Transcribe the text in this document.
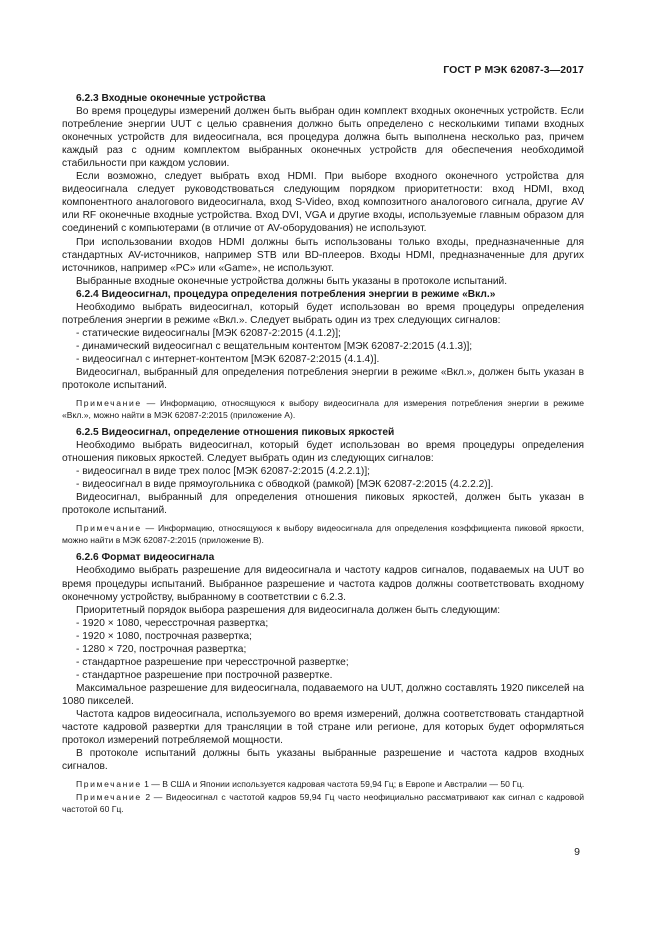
ГОСТ Р МЭК 62087-3—2017

6.2.3 Входные оконечные устройства

Во время процедуры измерений должен быть выбран один комплект входных оконечных устройств. Если потребление энергии UUT с целью сравнения должно быть определено с несколькими типами входных оконечных устройств для видеосигнала, вся процедура должна быть выполнена несколько раз, причем каждый раз с одним комплектом выбранных оконечных устройств для обеспечения необходимой стабильности при каждом условии.

Если возможно, следует выбрать вход HDMI. При выборе входного оконечного устройства для видеосигнала следует руководствоваться следующим порядком приоритетности: вход HDMI, вход компонентного аналогового видеосигнала, вход S-Video, вход композитного аналогового сигнала, другие AV или RF оконечные входные устройства. Вход DVI, VGA и другие входы, используемые главным образом для соединений с компьютерами (в отличие от AV-оборудования) не используют.

При использовании входов HDMI должны быть использованы только входы, предназначенные для стандартных AV-источников, например STB или BD-плееров. Входы HDMI, предназначенные для других источников, например «PC» или «Game», не используют.

Выбранные входные оконечные устройства должны быть указаны в протоколе испытаний.

6.2.4 Видеосигнал, процедура определения потребления энергии в режиме «Вкл.»

Необходимо выбрать видеосигнал, который будет использован во время процедуры определения потребления энергии в режиме «Вкл.». Следует выбрать один из трех следующих сигналов:

- статические видеосигналы [МЭК 62087-2:2015 (4.1.2)];

- динамический видеосигнал с вещательным контентом [МЭК 62087-2:2015 (4.1.3)];

- видеосигнал с интернет-контентом [МЭК 62087-2:2015 (4.1.4)].

Видеосигнал, выбранный для определения потребления энергии в режиме «Вкл.», должен быть указан в протоколе испытаний.

Примечание — Информацию, относящуюся к выбору видеосигнала для измерения потребления энергии в режиме «Вкл.», можно найти в МЭК 62087-2:2015 (приложение А).

6.2.5 Видеосигнал, определение отношения пиковых яркостей

Необходимо выбрать видеосигнал, который будет использован во время процедуры определения отношения пиковых яркостей. Следует выбрать один из следующих сигналов:

- видеосигнал в виде трех полос [МЭК 62087-2:2015 (4.2.2.1)];

- видеосигнал в виде прямоугольника с обводкой (рамкой) [МЭК 62087-2:2015 (4.2.2.2)].

Видеосигнал, выбранный для определения отношения пиковых яркостей, должен быть указан в протоколе испытаний.

Примечание — Информацию, относящуюся к выбору видеосигнала для определения коэффициента пиковой яркости, можно найти в МЭК 62087-2:2015 (приложение В).

6.2.6 Формат видеосигнала

Необходимо выбрать разрешение для видеосигнала и частоту кадров сигналов, подаваемых на UUT во время процедуры испытаний. Выбранное разрешение и частота кадров должны соответствовать входному оконечному устройству, выбранному в соответствии с 6.2.3.

Приоритетный порядок выбора разрешения для видеосигнала должен быть следующим:

- 1920 × 1080, чересстрочная развертка;

- 1920 × 1080, построчная развертка;

- 1280 × 720, построчная развертка;

- стандартное разрешение при чересстрочной развертке;

- стандартное разрешение при построчной развертке.

Максимальное разрешение для видеосигнала, подаваемого на UUT, должно составлять 1920 пикселей на 1080 пикселей.

Частота кадров видеосигнала, используемого во время измерений, должна соответствовать стандартной частоте кадровой развертки для трансляции в той стране или регионе, для которых будет оформляться протокол измерений потребляемой мощности.

В протоколе испытаний должны быть указаны выбранные разрешение и частота кадров входных сигналов.

Примечание 1 — В США и Японии используется кадровая частота 59,94 Гц; в Европе и Австралии — 50 Гц.

Примечание 2 — Видеосигнал с частотой кадров 59,94 Гц часто неофициально рассматривают как сигнал с кадровой частотой 60 Гц.

9
